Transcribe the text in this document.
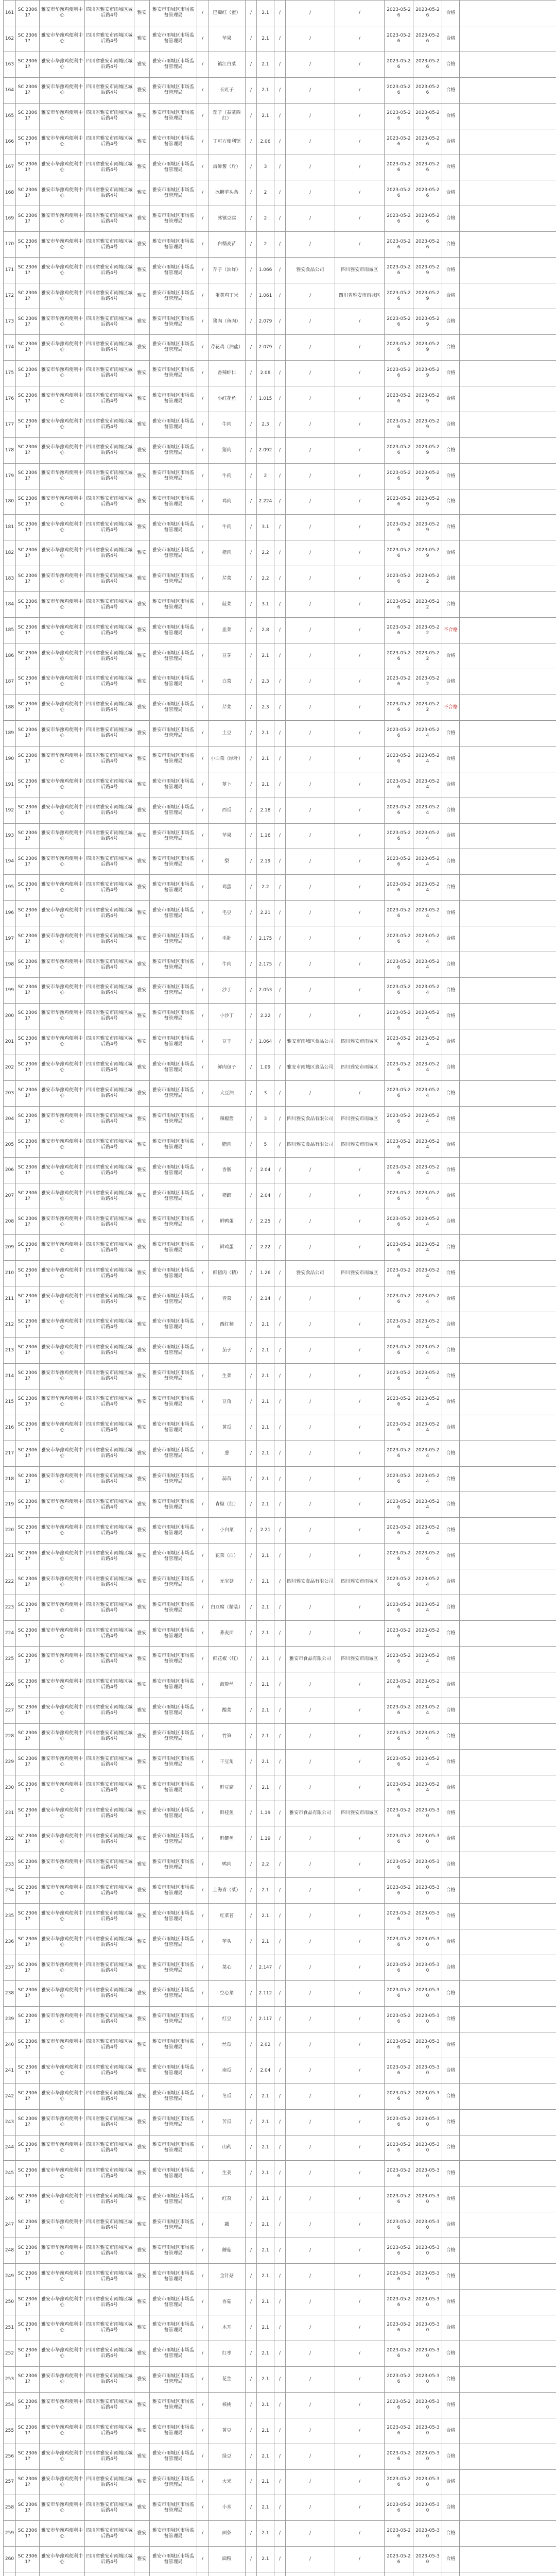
161	SC 23061?	雅安市华豫鸡便利中心	四川省雅安市雨城区城后路4号	雅安	雅安市雨城区市场监督管理局	/	巴蜀红（蛋）	/	2.1	/	/	/	2023-05-26	2023-05-26	合格	
162	SC 23061?	雅安市华豫鸡便利中心	四川省雅安市雨城区城后路4号	雅安	雅安市雨城区市场监督管理局	/	苹果	/	2.1	/	/	/	2023-05-26	2023-05-26	合格	
163	SC 23061?	雅安市华豫鸡便利中心	四川省雅安市雨城区城后路4号	雅安	雅安市雨城区市场监督管理局	/	镇江白菜	/	2.1	/	/	/	2023-05-26	2023-05-26	合格	
164	SC 23061?	雅安市华豫鸡便利中心	四川省雅安市雨城区城后路4号	雅安	雅安市雨城区市场监督管理局	/	长豇子	/	2.1	/	/	/	2023-05-26	2023-05-26	合格	
165	SC 23061?	雅安市华豫鸡便利中心	四川省雅安市雨城区城后路4号	雅安	雅安市雨城区市场监督管理局	/	茄子（泰蒙西红）	/	2.1	/	/	/	2023-05-26	2023-05-26	合格	
166	SC 23061?	雅安市华豫鸡便利中心	四川省雅安市雨城区城后路4号	雅安	雅安市雨城区市场监督管理局	/	丁可方便利馆	/	2.06	/	/	/	2023-05-26	2023-05-26	合格	
167	SC 23061?	雅安市华豫鸡便利中心	四川省雅安市雨城区城后路4号	雅安	雅安市雨城区市场监督管理局	/	海鲜酱（斤）	/	3	/	/	/	2023-05-26	2023-05-26	合格	
168	SC 23061?	雅安市华豫鸡便利中心	四川省雅安市雨城区城后路4号	雅安	雅安市雨城区市场监督管理局	/	冰糖芋头条	/	2	/	/	/	2023-05-26	2023-05-26	合格	
169	SC 23061?	雅安市华豫鸡便利中心	四川省雅安市雨城区城后路4号	雅安	雅安市雨城区市场监督管理局	/	冰镇豆腐	/	2	/	/	/	2023-05-26	2023-05-26	合格	
170	SC 23061?	雅安市华豫鸡便利中心	四川省雅安市雨城区城后路4号	雅安	雅安市雨城区市场监督管理局	/	白糯麦苗	/	2	/	/	/	2023-05-26	2023-05-26	合格	
171	SC 23061?	雅安市华豫鸡便利中心	四川省雅安市雨城区城后路4号	雅安	雅安市雨城区市场监督管理局	/	芹子（油炸）	/	1.066	/	雅安食品公司	四川雅安市雨城区	2023-05-26	2023-05-29	合格	
172	SC 23061?	雅安市华豫鸡便利中心	四川省雅安市雨城区城后路4号	雅安	雅安市雨城区市场监督管理局	/	蛋黄鸡丁米	/	1.061	/	/	四川省雅安市雨城区	2023-05-26	2023-05-29	合格	
173	SC 23061?	雅安市华豫鸡便利中心	四川省雅安市雨城区城后路4号	雅安	雅安市雨城区市场监督管理局	/	猪肉（鱼肉）	/	2.079	/	/	/	2023-05-26	2023-05-29	合格	
174	SC 23061?	雅安市华豫鸡便利中心	四川省雅安市雨城区城后路4号	雅安	雅安市雨城区市场监督管理局	/	芹花鸡（油盐）	/	2.079	/	/	/	2023-05-26	2023-05-29	合格	
175	SC 23061?	雅安市华豫鸡便利中心	四川省雅安市雨城区城后路4号	雅安	雅安市雨城区市场监督管理局	/	香辣虾仁	/	2.08	/	/	/	2023-05-26	2023-05-29	合格	
176	SC 23061?	雅安市华豫鸡便利中心	四川省雅安市雨城区城后路4号	雅安	雅安市雨城区市场监督管理局	/	小红花鱼	/	1.015	/	/	/	2023-05-26	2023-05-29	合格	
177	SC 23061?	雅安市华豫鸡便利中心	四川省雅安市雨城区城后路4号	雅安	雅安市雨城区市场监督管理局	/	牛肉	/	2.3	/	/	/	2023-05-26	2023-05-29	合格	
178	SC 23061?	雅安市华豫鸡便利中心	四川省雅安市雨城区城后路4号	雅安	雅安市雨城区市场监督管理局	/	猪肉	/	2.092	/	/	/	2023-05-26	2023-05-29	合格	
179	SC 23061?	雅安市华豫鸡便利中心	四川省雅安市雨城区城后路4号	雅安	雅安市雨城区市场监督管理局	/	牛肉	/	2	/	/	/	2023-05-26	2023-05-29	合格	
180	SC 23061?	雅安市华豫鸡便利中心	四川省雅安市雨城区城后路4号	雅安	雅安市雨城区市场监督管理局	/	鸡肉	/	2.224	/	/	/	2023-05-26	2023-05-29	合格	
181	SC 23061?	雅安市华豫鸡便利中心	四川省雅安市雨城区城后路4号	雅安	雅安市雨城区市场监督管理局	/	牛肉	/	3.1	/	/	/	2023-05-26	2023-05-29	合格	
182	SC 23061?	雅安市华豫鸡便利中心	四川省雅安市雨城区城后路4号	雅安	雅安市雨城区市场监督管理局	/	猪肉	/	2.2	/	/	/	2023-05-26	2023-05-29	合格	
183	SC 23061?	雅安市华豫鸡便利中心	四川省雅安市雨城区城后路4号	雅安	雅安市雨城区市场监督管理局	/	芹菜	/	2.2	/	/	/	2023-05-26	2023-05-22	合格	
184	SC 23061?	雅安市华豫鸡便利中心	四川省雅安市雨城区城后路4号	雅安	雅安市雨城区市场监督管理局	/	菠菜	/	3.1	/	/	/	2023-05-26	2023-05-22	合格	
185	SC 23061?	雅安市华豫鸡便利中心	四川省雅安市雨城区城后路4号	雅安	雅安市雨城区市场监督管理局	/	韭菜	/	2.8	/	/	/	2023-05-26	2023-05-22	不合格	
186	SC 23061?	雅安市华豫鸡便利中心	四川省雅安市雨城区城后路4号	雅安	雅安市雨城区市场监督管理局	/	豆芽	/	2.1	/	/	/	2023-05-26	2023-05-22	合格	
187	SC 23061?	雅安市华豫鸡便利中心	四川省雅安市雨城区城后路4号	雅安	雅安市雨城区市场监督管理局	/	白菜	/	2.3	/	/	/	2023-05-26	2023-05-22	合格	
188	SC 23061?	雅安市华豫鸡便利中心	四川省雅安市雨城区城后路4号	雅安	雅安市雨城区市场监督管理局	/	芹菜	/	2.3	/	/	/	2023-05-26	2023-05-22	不合格	
189	SC 23061?	雅安市华豫鸡便利中心	四川省雅安市雨城区城后路4号	雅安	雅安市雨城区市场监督管理局	/	土豆	/	2.1	/	/	/	2023-05-26	2023-05-24	合格	
190	SC 23061?	雅安市华豫鸡便利中心	四川省雅安市雨城区城后路4号	雅安	雅安市雨城区市场监督管理局	/	小白菜（绿叶）	/	2.1	/	/	/	2023-05-26	2023-05-24	合格	
191	SC 23061?	雅安市华豫鸡便利中心	四川省雅安市雨城区城后路4号	雅安	雅安市雨城区市场监督管理局	/	萝卜	/	2.1	/	/	/	2023-05-26	2023-05-24	合格	
192	SC 23061?	雅安市华豫鸡便利中心	四川省雅安市雨城区城后路4号	雅安	雅安市雨城区市场监督管理局	/	西瓜	/	2.18	/	/	/	2023-05-26	2023-05-24	合格	
193	SC 23061?	雅安市华豫鸡便利中心	四川省雅安市雨城区城后路4号	雅安	雅安市雨城区市场监督管理局	/	苹果	/	1.16	/	/	/	2023-05-26	2023-05-24	合格	
194	SC 23061?	雅安市华豫鸡便利中心	四川省雅安市雨城区城后路4号	雅安	雅安市雨城区市场监督管理局	/	梨	/	2.19	/	/	/	2023-05-26	2023-05-24	合格	
195	SC 23061?	雅安市华豫鸡便利中心	四川省雅安市雨城区城后路4号	雅安	雅安市雨城区市场监督管理局	/	鸡蛋	/	2.2	/	/	/	2023-05-26	2023-05-24	合格	
196	SC 23061?	雅安市华豫鸡便利中心	四川省雅安市雨城区城后路4号	雅安	雅安市雨城区市场监督管理局	/	毛豆	/	2.21	/	/	/	2023-05-26	2023-05-24	合格	
197	SC 23061?	雅安市华豫鸡便利中心	四川省雅安市雨城区城后路4号	雅安	雅安市雨城区市场监督管理局	/	毛肚	/	2.175	/	/	/	2023-05-26	2023-05-24	合格	
198	SC 23061?	雅安市华豫鸡便利中心	四川省雅安市雨城区城后路4号	雅安	雅安市雨城区市场监督管理局	/	牛肉	/	2.175	/	/	/	2023-05-26	2023-05-24	合格	
199	SC 23061?	雅安市华豫鸡便利中心	四川省雅安市雨城区城后路4号	雅安	雅安市雨城区市场监督管理局	/	沙丁	/	2.053	/	/	/	2023-05-26	2023-05-24	合格	
200	SC 23061?	雅安市华豫鸡便利中心	四川省雅安市雨城区城后路4号	雅安	雅安市雨城区市场监督管理局	/	小沙丁	/	2.22	/	/	/	2023-05-26	2023-05-24	合格	
201	SC 23061?	雅安市华豫鸡便利中心	四川省雅安市雨城区城后路4号	雅安	雅安市雨城区市场监督管理局	/	豆干	/	1.064	/	雅安市雨城区食品公司	四川雅安市雨城区	2023-05-26	2023-05-24	合格	
202	SC 23061?	雅安市华豫鸡便利中心	四川省雅安市雨城区城后路4号	雅安	雅安市雨城区市场监督管理局	/	鲜肉包子	/	1.09	/	雅安市雨城区食品公司	四川雅安市雨城区	2023-05-26	2023-05-24	合格	
203	SC 23061?	雅安市华豫鸡便利中心	四川省雅安市雨城区城后路4号	雅安	雅安市雨城区市场监督管理局	/	大豆油	/	3	/	/	/	2023-05-26	2023-05-24	合格	
204	SC 23061?	雅安市华豫鸡便利中心	四川省雅安市雨城区城后路4号	雅安	雅安市雨城区市场监督管理局	/	辣椒酱	/	3	/	四川雅安食品有限公司	四川雅安市雨城区	2023-05-26	2023-05-24	合格	
205	SC 23061?	雅安市华豫鸡便利中心	四川省雅安市雨城区城后路4号	雅安	雅安市雨城区市场监督管理局	/	腊肉	/	5	/	四川雅安食品有限公司	四川雅安市雨城区	2023-05-26	2023-05-24	合格	
206	SC 23061?	雅安市华豫鸡便利中心	四川省雅安市雨城区城后路4号	雅安	雅安市雨城区市场监督管理局	/	香肠	/	2.04	/	/	/	2023-05-26	2023-05-24	合格	
207	SC 23061?	雅安市华豫鸡便利中心	四川省雅安市雨城区城后路4号	雅安	雅安市雨城区市场监督管理局	/	猪蹄	/	2.04	/	/	/	2023-05-26	2023-05-24	合格	
208	SC 23061?	雅安市华豫鸡便利中心	四川省雅安市雨城区城后路4号	雅安	雅安市雨城区市场监督管理局	/	鲜鸭蛋	/	2.25	/	/	/	2023-05-26	2023-05-24	合格	
209	SC 23061?	雅安市华豫鸡便利中心	四川省雅安市雨城区城后路4号	雅安	雅安市雨城区市场监督管理局	/	鲜鸡蛋	/	2.22	/	/	/	2023-05-26	2023-05-24	合格	
210	SC 23061?	雅安市华豫鸡便利中心	四川省雅安市雨城区城后路4号	雅安	雅安市雨城区市场监督管理局	/	鲜猪肉（精）	/	1.26	/	雅安食品公司	四川雅安市雨城区	2023-05-26	2023-05-24	合格	
211	SC 23061?	雅安市华豫鸡便利中心	四川省雅安市雨城区城后路4号	雅安	雅安市雨城区市场监督管理局	/	青菜	/	2.14	/	/	/	2023-05-26	2023-05-24	合格	
212	SC 23061?	雅安市华豫鸡便利中心	四川省雅安市雨城区城后路4号	雅安	雅安市雨城区市场监督管理局	/	西红柿	/	2.1	/	/	/	2023-05-26	2023-05-24	合格	
213	SC 23061?	雅安市华豫鸡便利中心	四川省雅安市雨城区城后路4号	雅安	雅安市雨城区市场监督管理局	/	茄子	/	2.1	/	/	/	2023-05-26	2023-05-24	合格	
214	SC 23061?	雅安市华豫鸡便利中心	四川省雅安市雨城区城后路4号	雅安	雅安市雨城区市场监督管理局	/	生菜	/	2.1	/	/	/	2023-05-26	2023-05-24	合格	
215	SC 23061?	雅安市华豫鸡便利中心	四川省雅安市雨城区城后路4号	雅安	雅安市雨城区市场监督管理局	/	豆角	/	2.1	/	/	/	2023-05-26	2023-05-24	合格	
216	SC 23061?	雅安市华豫鸡便利中心	四川省雅安市雨城区城后路4号	雅安	雅安市雨城区市场监督管理局	/	黄瓜	/	2.1	/	/	/	2023-05-26	2023-05-24	合格	
217	SC 23061?	雅安市华豫鸡便利中心	四川省雅安市雨城区城后路4号	雅安	雅安市雨城区市场监督管理局	/	葱	/	2.1	/	/	/	2023-05-26	2023-05-24	合格	
218	SC 23061?	雅安市华豫鸡便利中心	四川省雅安市雨城区城后路4号	雅安	雅安市雨城区市场监督管理局	/	蒜苗	/	2.1	/	/	/	2023-05-26	2023-05-24	合格	
219	SC 23061?	雅安市华豫鸡便利中心	四川省雅安市雨城区城后路4号	雅安	雅安市雨城区市场监督管理局	/	青椒（红）	/	2.1	/	/	/	2023-05-26	2023-05-24	合格	
220	SC 23061?	雅安市华豫鸡便利中心	四川省雅安市雨城区城后路4号	雅安	雅安市雨城区市场监督管理局	/	小白菜	/	2.21	/	/	/	2023-05-26	2023-05-24	合格	
221	SC 23061?	雅安市华豫鸡便利中心	四川省雅安市雨城区城后路4号	雅安	雅安市雨城区市场监督管理局	/	花菜（白）	/	2.1	/	/	/	2023-05-26	2023-05-24	合格	
222	SC 23061?	雅安市华豫鸡便利中心	四川省雅安市雨城区城后路4号	雅安	雅安市雨城区市场监督管理局	/	元宝菇	/	2.1	/	四川雅安食品有限公司	四川雅安市雨城区	2023-05-26	2023-05-24	合格	
223	SC 23061?	雅安市华豫鸡便利中心	四川省雅安市雨城区城后路4号	雅安	雅安市雨城区市场监督管理局	/	白豆腐（精装）	/	2.1	/	/	/	2023-05-26	2023-05-24	合格	
224	SC 23061?	雅安市华豫鸡便利中心	四川省雅安市雨城区城后路4号	雅安	雅安市雨城区市场监督管理局	/	荞麦面	/	2.1	/	/	/	2023-05-26	2023-05-24	合格	
225	SC 23061?	雅安市华豫鸡便利中心	四川省雅安市雨城区城后路4号	雅安	雅安市雨城区市场监督管理局	/	鲜花椒（红）	/	2.1	/	雅安市食品有限公司	四川雅安市雨城区	2023-05-26	2023-05-24	合格	
226	SC 23061?	雅安市华豫鸡便利中心	四川省雅安市雨城区城后路4号	雅安	雅安市雨城区市场监督管理局	/	海带丝	/	2.1	/	/	/	2023-05-26	2023-05-24	合格	
227	SC 23061?	雅安市华豫鸡便利中心	四川省雅安市雨城区城后路4号	雅安	雅安市雨城区市场监督管理局	/	酸菜	/	2.1	/	/	/	2023-05-26	2023-05-24	合格	
228	SC 23061?	雅安市华豫鸡便利中心	四川省雅安市雨城区城后路4号	雅安	雅安市雨城区市场监督管理局	/	竹笋	/	2.1	/	/	/	2023-05-26	2023-05-24	合格	
229	SC 23061?	雅安市华豫鸡便利中心	四川省雅安市雨城区城后路4号	雅安	雅安市雨城区市场监督管理局	/	干豆角	/	2.1	/	/	/	2023-05-26	2023-05-24	合格	
230	SC 23061?	雅安市华豫鸡便利中心	四川省雅安市雨城区城后路4号	雅安	雅安市雨城区市场监督管理局	/	鲜豆腐	/	2.1	/	/	/	2023-05-26	2023-05-24	合格	
231	SC 23061?	雅安市华豫鸡便利中心	四川省雅安市雨城区城后路4号	雅安	雅安市雨城区市场监督管理局	/	鲜桂鱼	/	1.19	/	雅安市食品有限公司	四川雅安市雨城区	2023-05-26	2023-05-30	合格	
232	SC 23061?	雅安市华豫鸡便利中心	四川省雅安市雨城区城后路4号	雅安	雅安市雨城区市场监督管理局	/	鲜鲫鱼	/	1.19	/	/	/	2023-05-26	2023-05-30	合格	
233	SC 23061?	雅安市华豫鸡便利中心	四川省雅安市雨城区城后路4号	雅安	雅安市雨城区市场监督管理局	/	鸭肉	/	2.2	/	/	/	2023-05-26	2023-05-30	合格	
234	SC 23061?	雅安市华豫鸡便利中心	四川省雅安市雨城区城后路4号	雅安	雅安市雨城区市场监督管理局	/	上海青（菜）	/	2.1	/	/	/	2023-05-26	2023-05-30	合格	
235	SC 23061?	雅安市华豫鸡便利中心	四川省雅安市雨城区城后路4号	雅安	雅安市雨城区市场监督管理局	/	红菜苔	/	2.1	/	/	/	2023-05-26	2023-05-30	合格	
236	SC 23061?	雅安市华豫鸡便利中心	四川省雅安市雨城区城后路4号	雅安	雅安市雨城区市场监督管理局	/	芋头	/	2.1	/	/	/	2023-05-26	2023-05-30	合格	
237	SC 23061?	雅安市华豫鸡便利中心	四川省雅安市雨城区城后路4号	雅安	雅安市雨城区市场监督管理局	/	菜心	/	2.147	/	/	/	2023-05-26	2023-05-30	合格	
238	SC 23061?	雅安市华豫鸡便利中心	四川省雅安市雨城区城后路4号	雅安	雅安市雨城区市场监督管理局	/	空心菜	/	2.112	/	/	/	2023-05-26	2023-05-30	合格	
239	SC 23061?	雅安市华豫鸡便利中心	四川省雅安市雨城区城后路4号	雅安	雅安市雨城区市场监督管理局	/	红豆	/	2.117	/	/	/	2023-05-26	2023-05-30	合格	
240	SC 23061?	雅安市华豫鸡便利中心	四川省雅安市雨城区城后路4号	雅安	雅安市雨城区市场监督管理局	/	丝瓜	/	2.02	/	/	/	2023-05-26	2023-05-30	合格	
241	SC 23061?	雅安市华豫鸡便利中心	四川省雅安市雨城区城后路4号	雅安	雅安市雨城区市场监督管理局	/	南瓜	/	2.04	/	/	/	2023-05-26	2023-05-30	合格	
242	SC 23061?	雅安市华豫鸡便利中心	四川省雅安市雨城区城后路4号	雅安	雅安市雨城区市场监督管理局	/	冬瓜	/	2.1	/	/	/	2023-05-26	2023-05-30	合格	
243	SC 23061?	雅安市华豫鸡便利中心	四川省雅安市雨城区城后路4号	雅安	雅安市雨城区市场监督管理局	/	苦瓜	/	2.1	/	/	/	2023-05-26	2023-05-30	合格	
244	SC 23061?	雅安市华豫鸡便利中心	四川省雅安市雨城区城后路4号	雅安	雅安市雨城区市场监督管理局	/	山药	/	2.1	/	/	/	2023-05-26	2023-05-30	合格	
245	SC 23061?	雅安市华豫鸡便利中心	四川省雅安市雨城区城后路4号	雅安	雅安市雨城区市场监督管理局	/	生姜	/	2.1	/	/	/	2023-05-26	2023-05-30	合格	
246	SC 23061?	雅安市华豫鸡便利中心	四川省雅安市雨城区城后路4号	雅安	雅安市雨城区市场监督管理局	/	红苕	/	2.1	/	/	/	2023-05-26	2023-05-30	合格	
247	SC 23061?	雅安市华豫鸡便利中心	四川省雅安市雨城区城后路4号	雅安	雅安市雨城区市场监督管理局	/	藕	/	2.1	/	/	/	2023-05-26	2023-05-30	合格	
248	SC 23061?	雅安市华豫鸡便利中心	四川省雅安市雨城区城后路4号	雅安	雅安市雨城区市场监督管理局	/	蘑菇	/	2.1	/	/	/	2023-05-26	2023-05-30	合格	
249	SC 23061?	雅安市华豫鸡便利中心	四川省雅安市雨城区城后路4号	雅安	雅安市雨城区市场监督管理局	/	金针菇	/	2.1	/	/	/	2023-05-26	2023-05-30	合格	
250	SC 23061?	雅安市华豫鸡便利中心	四川省雅安市雨城区城后路4号	雅安	雅安市雨城区市场监督管理局	/	香菇	/	2.1	/	/	/	2023-05-26	2023-05-30	合格	
251	SC 23061?	雅安市华豫鸡便利中心	四川省雅安市雨城区城后路4号	雅安	雅安市雨城区市场监督管理局	/	木耳	/	2.1	/	/	/	2023-05-26	2023-05-30	合格	
252	SC 23061?	雅安市华豫鸡便利中心	四川省雅安市雨城区城后路4号	雅安	雅安市雨城区市场监督管理局	/	红枣	/	2.1	/	/	/	2023-05-26	2023-05-30	合格	
253	SC 23061?	雅安市华豫鸡便利中心	四川省雅安市雨城区城后路4号	雅安	雅安市雨城区市场监督管理局	/	花生	/	2.1	/	/	/	2023-05-26	2023-05-30	合格	
254	SC 23061?	雅安市华豫鸡便利中心	四川省雅安市雨城区城后路4号	雅安	雅安市雨城区市场监督管理局	/	核桃	/	2.1	/	/	/	2023-05-26	2023-05-30	合格	
255	SC 23061?	雅安市华豫鸡便利中心	四川省雅安市雨城区城后路4号	雅安	雅安市雨城区市场监督管理局	/	黄豆	/	2.1	/	/	/	2023-05-26	2023-05-30	合格	
256	SC 23061?	雅安市华豫鸡便利中心	四川省雅安市雨城区城后路4号	雅安	雅安市雨城区市场监督管理局	/	绿豆	/	2.1	/	/	/	2023-05-26	2023-05-30	合格	
257	SC 23061?	雅安市华豫鸡便利中心	四川省雅安市雨城区城后路4号	雅安	雅安市雨城区市场监督管理局	/	大米	/	2.1	/	/	/	2023-05-26	2023-05-30	合格	
258	SC 23061?	雅安市华豫鸡便利中心	四川省雅安市雨城区城后路4号	雅安	雅安市雨城区市场监督管理局	/	小米	/	2.1	/	/	/	2023-05-26	2023-05-30	合格	
259	SC 23061?	雅安市华豫鸡便利中心	四川省雅安市雨城区城后路4号	雅安	雅安市雨城区市场监督管理局	/	面条	/	2.1	/	/	/	2023-05-26	2023-05-30	合格	
260	SC 23061?	雅安市华豫鸡便利中心	四川省雅安市雨城区城后路4号	雅安	雅安市雨城区市场监督管理局	/	面粉	/	2.1	/	/	/	2023-05-26	2023-05-30	合格	
